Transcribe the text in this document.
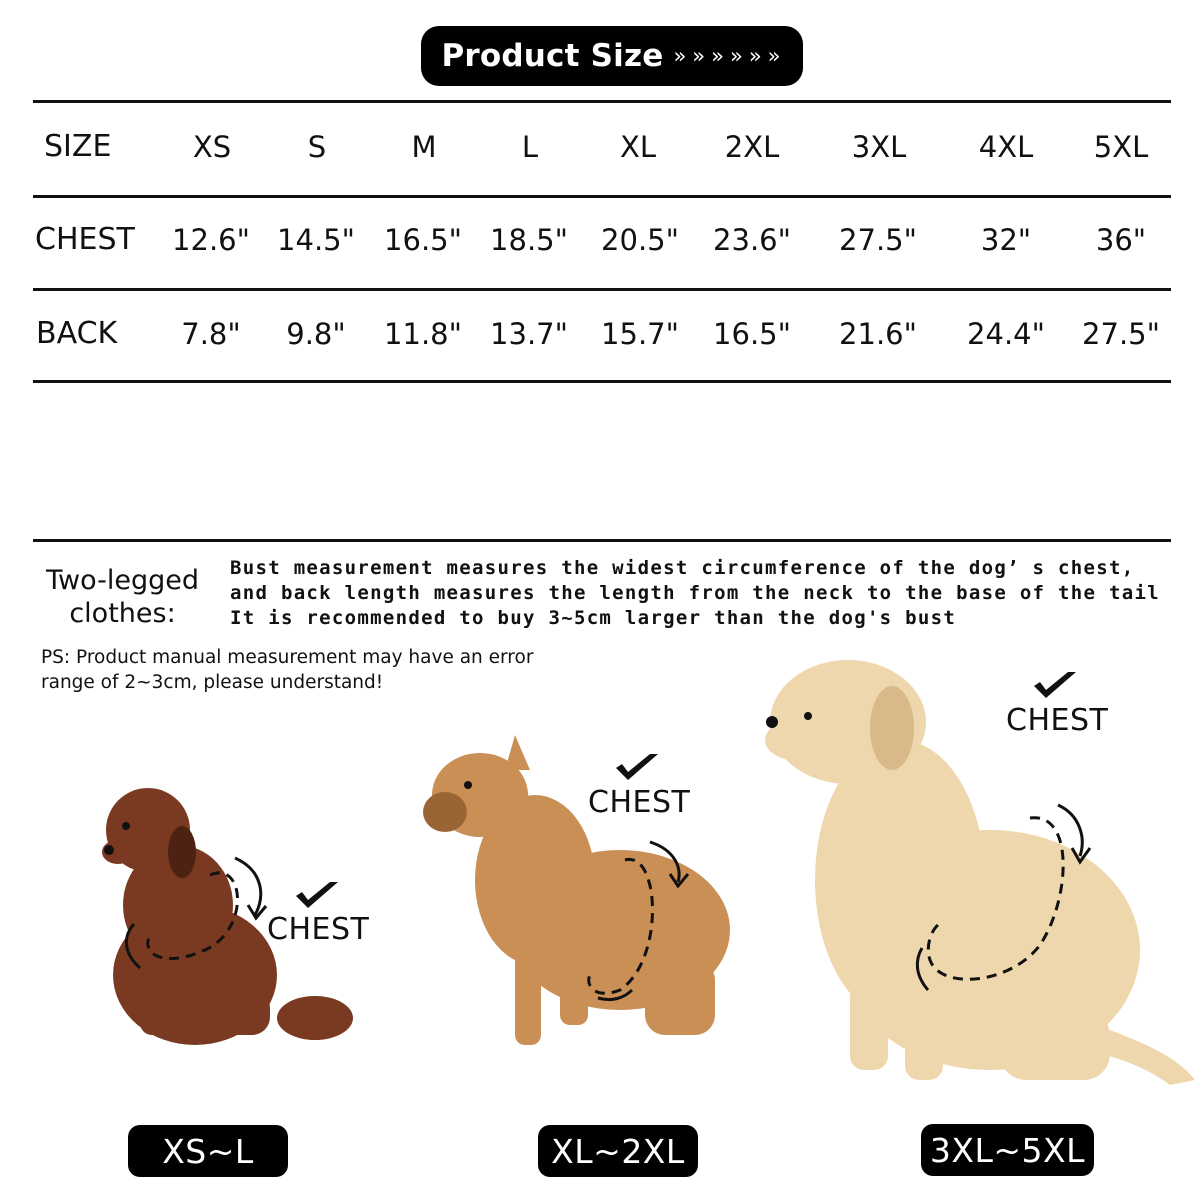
Product Size »»»»»»
SIZE	XS	S	M	L	XL 2XL	3XL	4XL 5XL
CHEST 12.6" 14.5" 16.5" 18.5" 20.5" 23.6" 27.5" 32" 36"
BACK 7.8" 9.8" 11.8" 13.7" 15.7" 16.5" 21.6" 24.4" 27.5"
Two-legged
clothes:
Bust measurement measures the widest circumference of the dog’ s chest,
and back length measures the length from the neck to the base of the tail
It is recommended to buy 3~5cm larger than the dog's bust
PS: Product manual measurement may have an error
range of 2~3cm, please understand!
CHEST
CHEST
CHEST
XS~L	XL~2XL	3XL~5XL
